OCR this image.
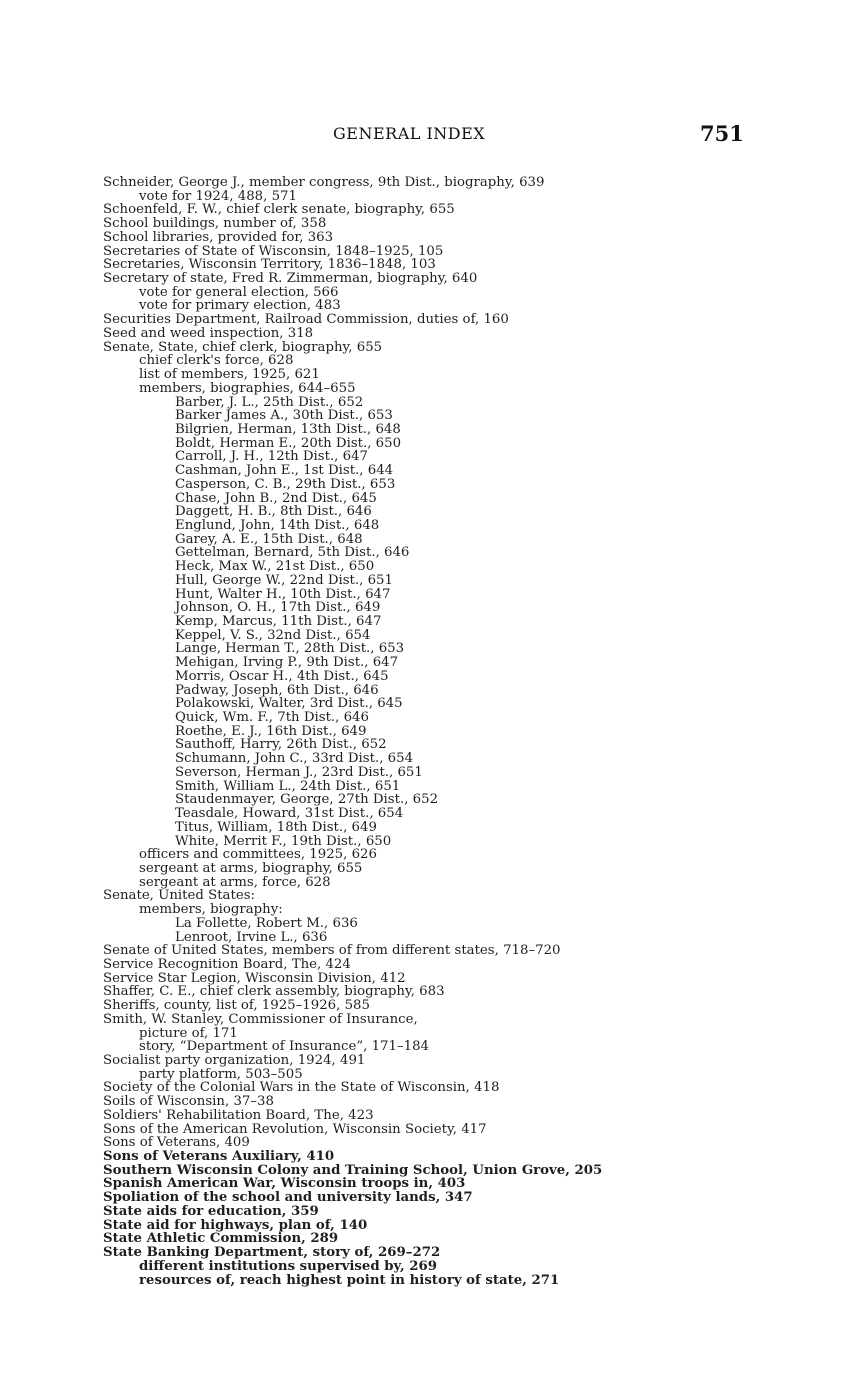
GENERAL INDEX	751
Schneider, George J., member congress, 9th Dist., biography, 639
vote for 1924, 488, 571
Schoenfeld, F. W., chief clerk senate, biography, 655
School buildings, number of, 358
School libraries, provided for, 363
Secretaries of State of Wisconsin, 1848–1925, 105
Secretaries, Wisconsin Territory, 1836–1848, 103
Secretary of state, Fred R. Zimmerman, biography, 640
vote for general election, 566
vote for primary election, 483
Securities Department, Railroad Commission, duties of, 160
Seed and weed inspection, 318
Senate, State, chief clerk, biography, 655
chief clerk's force, 628
list of members, 1925, 621
members, biographies, 644–655
Barber, J. L., 25th Dist., 652
Barker James A., 30th Dist., 653
Bilgrien, Herman, 13th Dist., 648
Boldt, Herman E., 20th Dist., 650
Carroll, J. H., 12th Dist., 647
Cashman, John E., 1st Dist., 644
Casperson, C. B., 29th Dist., 653
Chase, John B., 2nd Dist., 645
Daggett, H. B., 8th Dist., 646
Englund, John, 14th Dist., 648
Garey, A. E., 15th Dist., 648
Gettelman, Bernard, 5th Dist., 646
Heck, Max W., 21st Dist., 650
Hull, George W., 22nd Dist., 651
Hunt, Walter H., 10th Dist., 647
Johnson, O. H., 17th Dist., 649
Kemp, Marcus, 11th Dist., 647
Keppel, V. S., 32nd Dist., 654
Lange, Herman T., 28th Dist., 653
Mehigan, Irving P., 9th Dist., 647
Morris, Oscar H., 4th Dist., 645
Padway, Joseph, 6th Dist., 646
Polakowski, Walter, 3rd Dist., 645
Quick, Wm. F., 7th Dist., 646
Roethe, E. J., 16th Dist., 649
Sauthoff, Harry, 26th Dist., 652
Schumann, John C., 33rd Dist., 654
Severson, Herman J., 23rd Dist., 651
Smith, William L., 24th Dist., 651
Staudenmayer, George, 27th Dist., 652
Teasdale, Howard, 31st Dist., 654
Titus, William, 18th Dist., 649
White, Merrit F., 19th Dist., 650
officers and committees, 1925, 626
sergeant at arms, biography, 655
sergeant at arms, force, 628
Senate, United States:
members, biography:
La Follette, Robert M., 636
Lenroot, Irvine L., 636
Senate of United States, members of from different states, 718–720
Service Recognition Board, The, 424
Service Star Legion, Wisconsin Division, 412
Shaffer, C. E., chief clerk assembly, biography, 683
Sheriffs, county, list of, 1925–1926, 585
Smith, W. Stanley, Commissioner of Insurance,
picture of, 171
story, “Department of Insurance”, 171–184
Socialist party organization, 1924, 491
party platform, 503–505
Society of the Colonial Wars in the State of Wisconsin, 418
Soils of Wisconsin, 37–38
Soldiers' Rehabilitation Board, The, 423
Sons of the American Revolution, Wisconsin Society, 417
Sons of Veterans, 409
Sons of Veterans Auxiliary, 410
Southern Wisconsin Colony and Training School, Union Grove, 205
Spanish American War, Wisconsin troops in, 403
Spoliation of the school and university lands, 347
State aids for education, 359
State aid for highways, plan of, 140
State Athletic Commission, 289
State Banking Department, story of, 269–272
different institutions supervised by, 269
resources of, reach highest point in history of state, 271
